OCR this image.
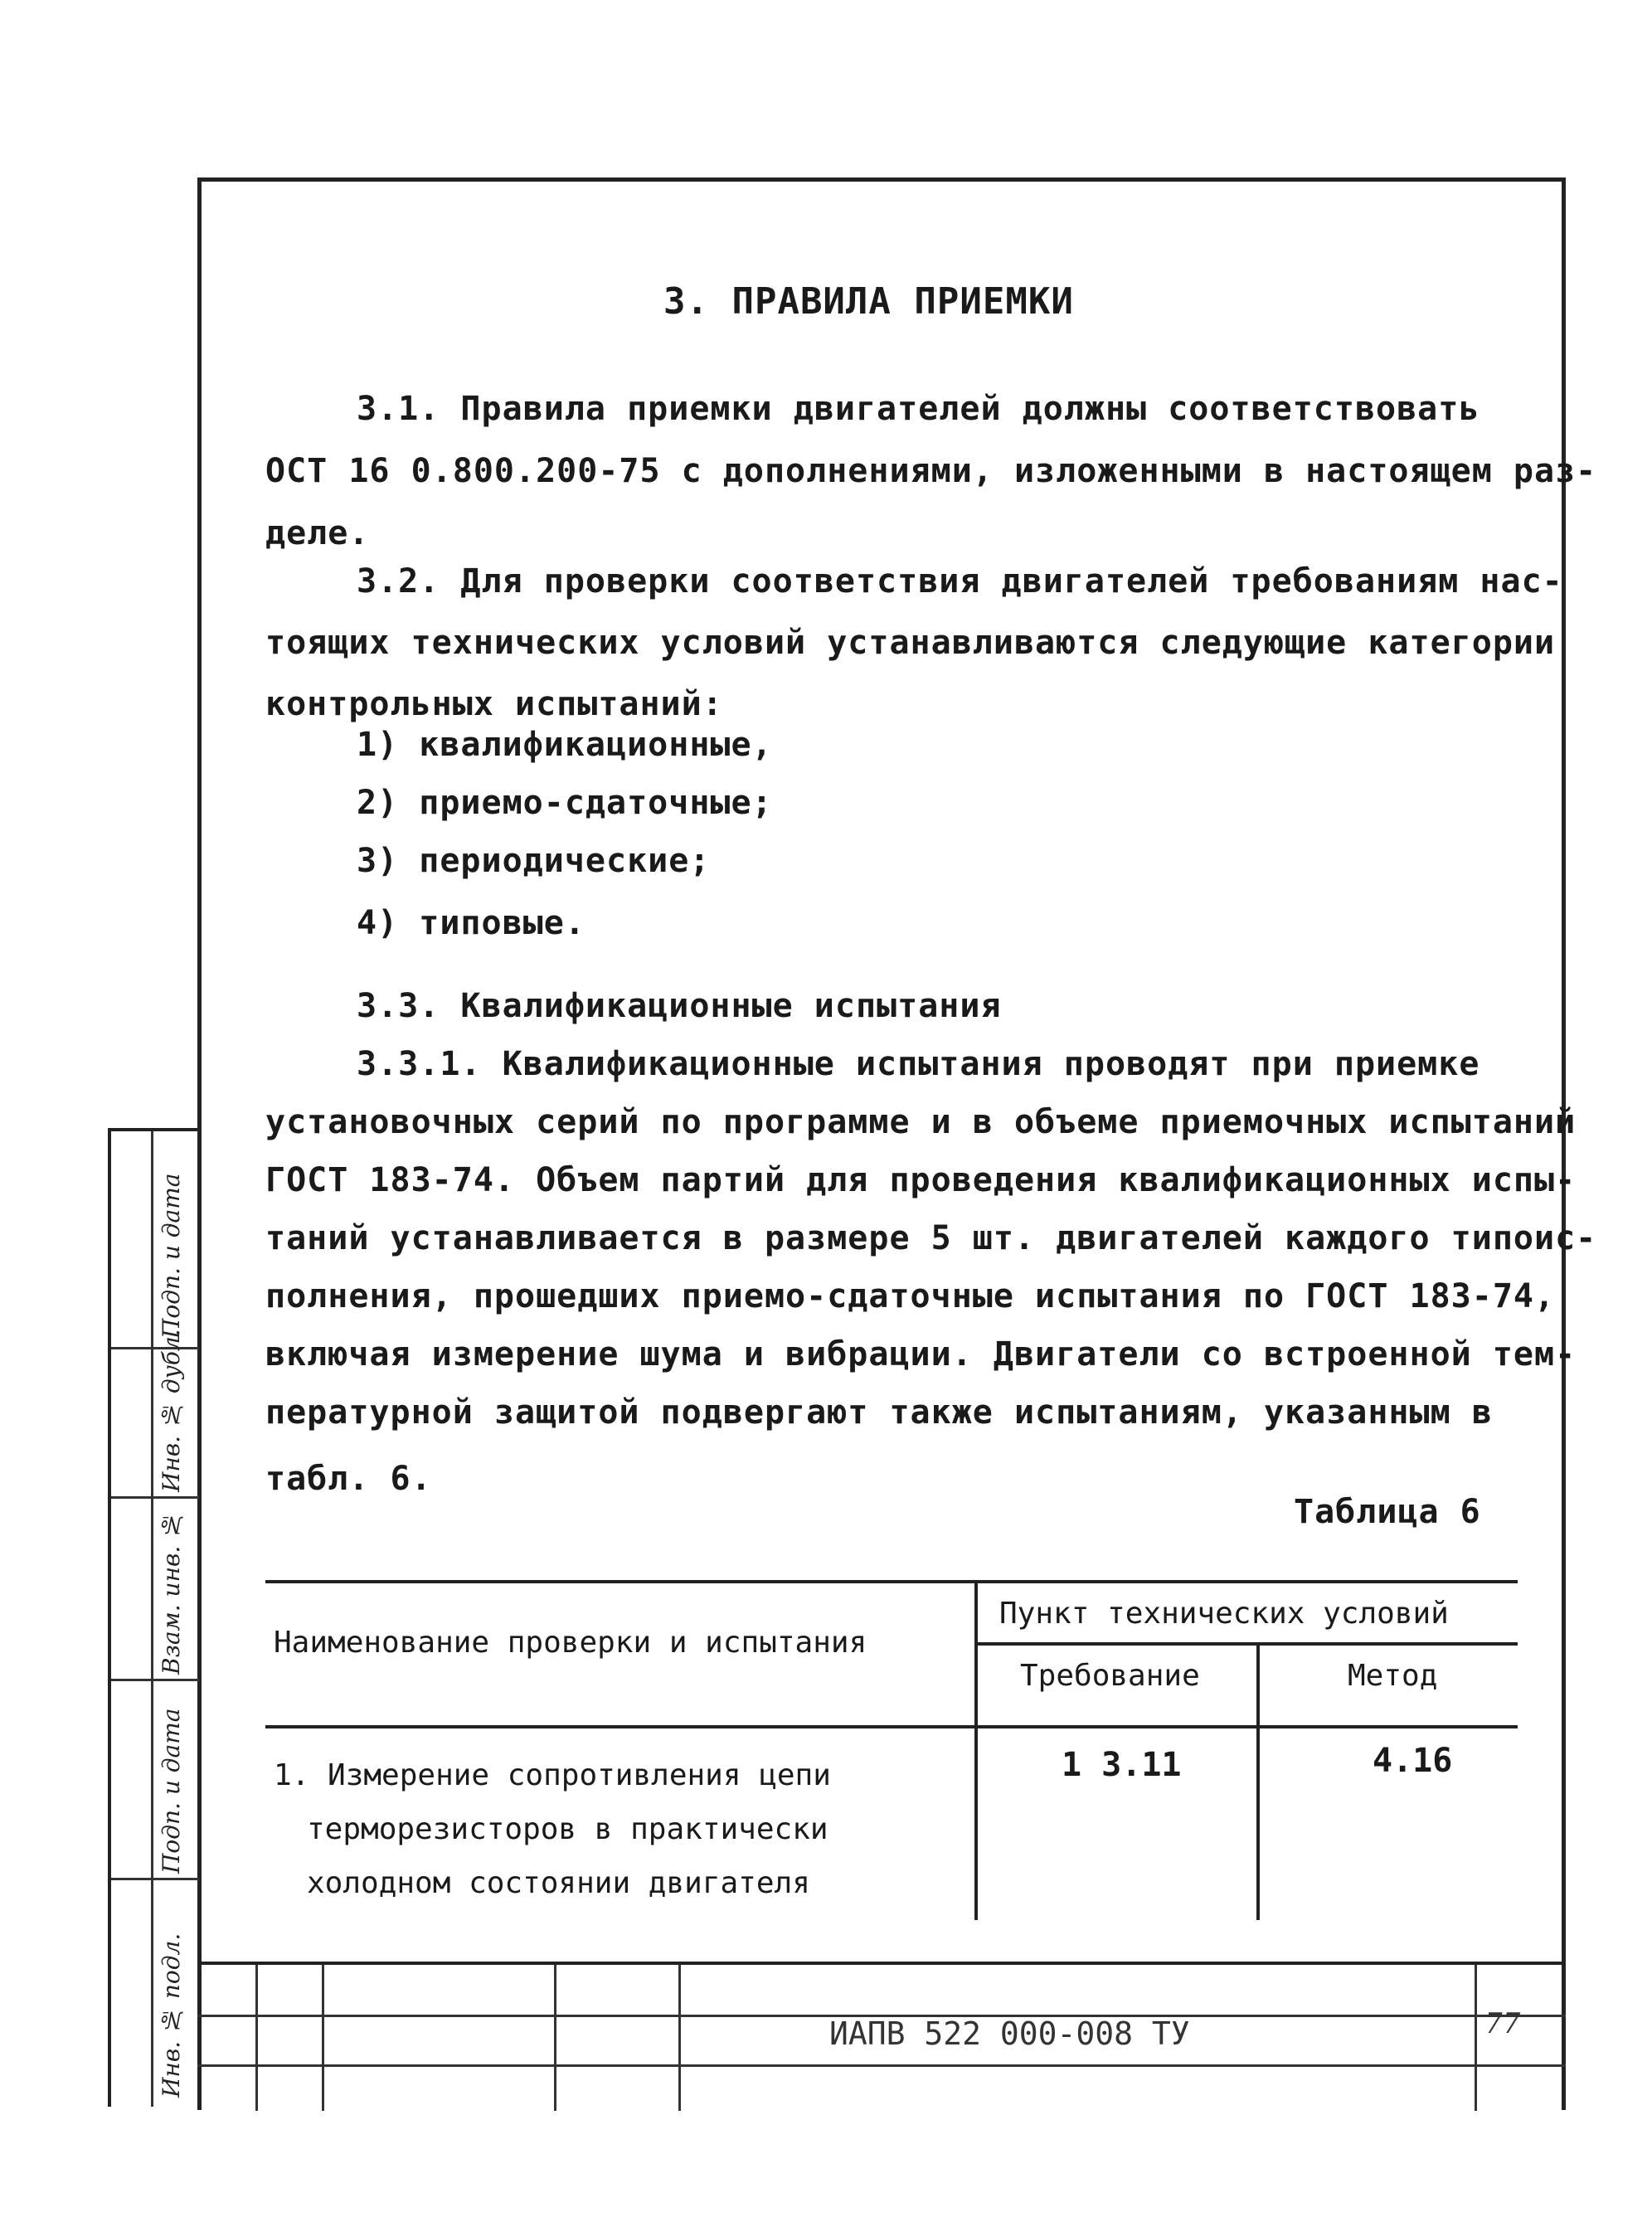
Подп. и дата
Инв. № дубл.
Взам. инв. №
Подп. и дата
Инв. № подл.
3. ПРАВИЛА ПРИЕМКИ
3.1. Правила приемки двигателей должны соответствовать
ОСТ 16 0.800.200-75 с дополнениями, изложенными в настоящем раз-
деле.
3.2. Для проверки соответствия двигателей требованиям нас-
тоящих технических условий устанавливаются следующие категории
контрольных испытаний:
1) квалификационные,
2) приемо-сдаточные;
3) периодические;
4) типовые.
3.3. Квалификационные испытания
3.3.1. Квалификационные испытания проводят при приемке
установочных серий по программе и в объеме приемочных испытаний
ГОСТ 183-74. Объем партий для проведения квалификационных испы-
таний устанавливается в размере 5 шт. двигателей каждого типоис-
полнения, прошедших приемо-сдаточные испытания по ГОСТ 183-74,
включая измерение шума и вибрации. Двигатели со встроенной тем-
пературной защитой подвергают также испытаниям, указанным в
табл. 6.
Таблица 6
Наименование проверки и испытания
Пункт технических условий
Требование	Метод
1. Измерение сопротивления цепи
терморезисторов в практически
холодном состоянии двигателя
1 3.11	4.16
ИАПВ 522 000-008 ТУ	77
